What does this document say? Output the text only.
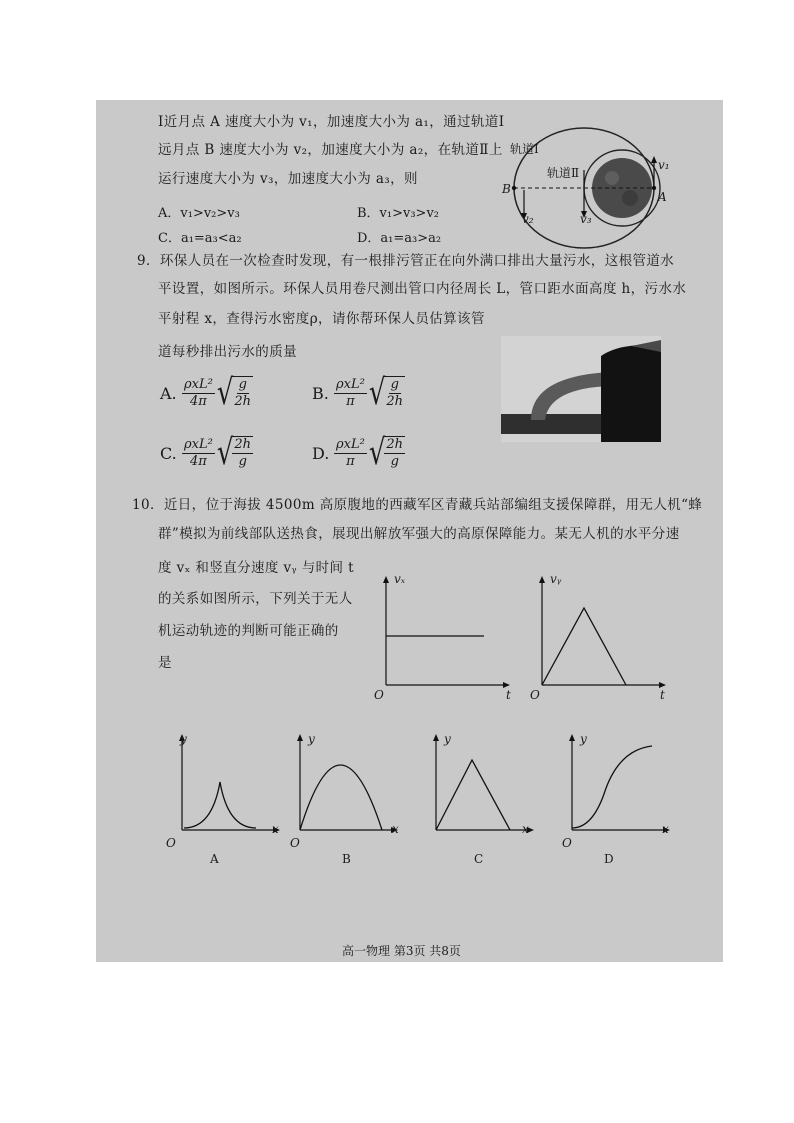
Ⅰ近月点 A 速度大小为 v₁，加速度大小为 a₁，通过轨道Ⅰ
远月点 B 速度大小为 v₂，加速度大小为 a₂，在轨道Ⅱ上
运行速度大小为 v₃，加速度大小为 a₃，则
A．v₁>v₂>v₃	B．v₁>v₃>v₂
C．a₁=a₃<a₂	D．a₁=a₃>a₂
轨道Ⅰ
轨道Ⅱ
B
A
v₁
v₂	v₃
9．环保人员在一次检查时发现，有一根排污管正在向外满口排出大量污水，这根管道水
平设置，如图所示。环保人员用卷尺测出管口内径周长 L，管口距水面高度 h，污水水
平射程 x，查得污水密度ρ，请你帮环保人员估算该管
道每秒排出污水的质量
A. $\frac{\text{ρxL²}}{4\pi}$ √ $\frac{g}{2h}$	B. $\frac{\text{ρxL²}}{\pi}$ √ $\frac{g}{2h}$
C. $\frac{\text{ρxL²}}{4\pi}$ √ $\frac{2h}{g}$	D. $\frac{\text{ρxL²}}{\pi}$ √ $\frac{2h}{g}$
10．近日，位于海拔 4500m 高原腹地的西藏军区青藏兵站部编组支援保障群，用无人机“蜂
群”模拟为前线部队送热食，展现出解放军强大的高原保障能力。某无人机的水平分速
度 vₓ 和竖直分速度 vᵧ 与时间 t
的关系如图所示，下列关于无人
机运动轨迹的判断可能正确的
是
vₓ
t
O
vᵧ
t
O
y
x
O
A
y
x
O
B
y
x
C
y
x
O
D
高一物理 第3页 共8页
